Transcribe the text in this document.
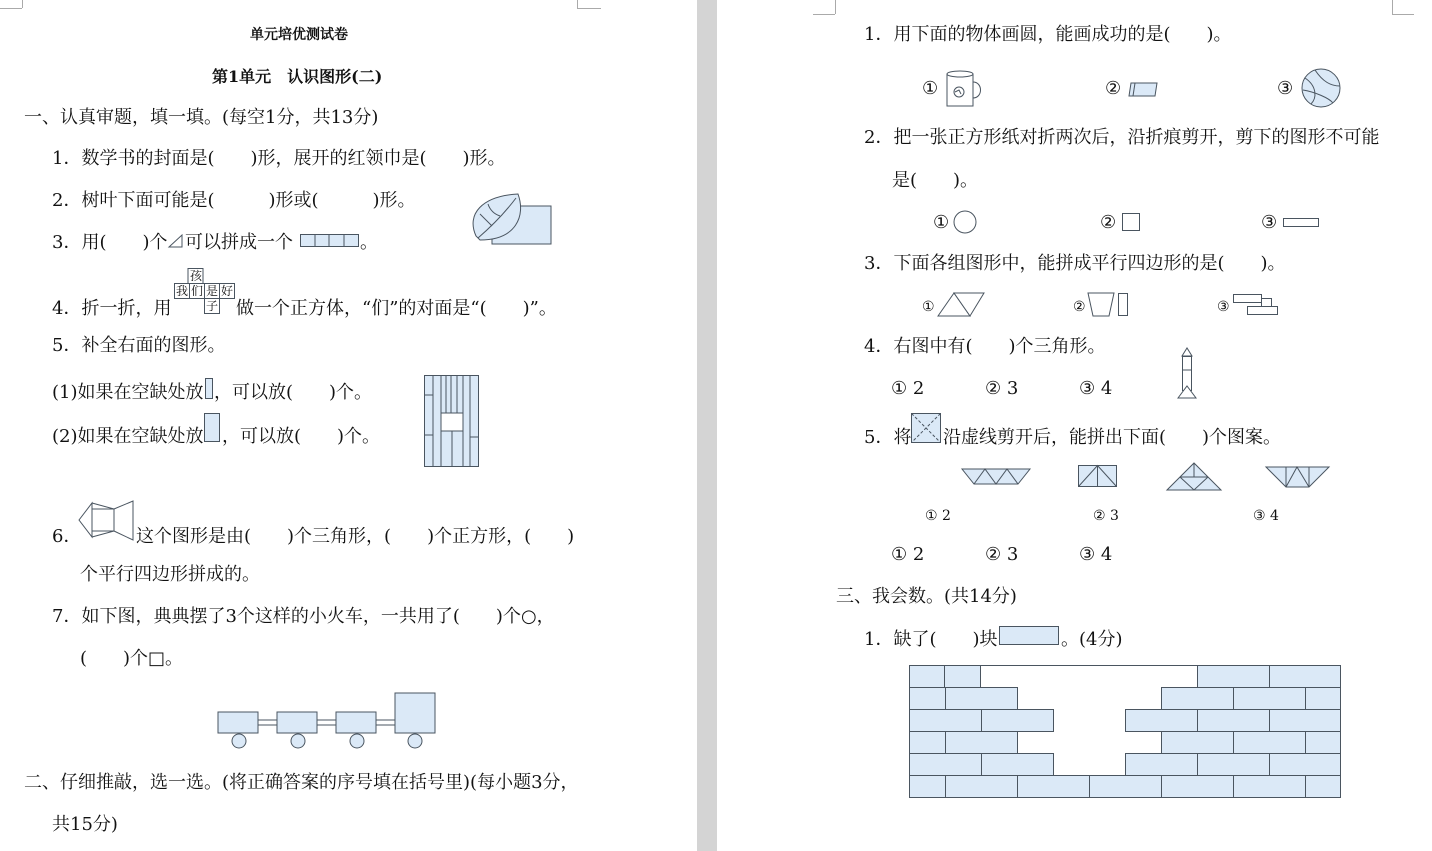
单元培优测试卷
第1单元　认识图形(二)
一、认真审题，填一填。(每空1分，共13分)
1．数学书的封面是(　　)形，展开的红领巾是(　　)形。
2．树叶下面可能是(　　　)形或(　　　)形。
3．用(　　)个 可以拼成一个	。
4．折一折，用
孩
我 们 是 好
子 做一个正方体，“们”的对面是“(　　)”。
5．补全右面的图形。
(1)如果在空缺处放 ，可以放(　　)个。
(2)如果在空缺处放 ，可以放(　　)个。
6．	这个图形是由(　　)个三角形，(　　)个正方形，(　　)
个平行四边形拼成的。
7．如下图，典典摆了3个这样的小火车，一共用了(　　)个○，
(　　)个□。
二、仔细推敲，选一选。(将正确答案的序号填在括号里)(每小题3分，
共15分)
1．用下面的物体画圆，能画成功的是(　　)。
①	②	③
2．把一张正方形纸对折两次后，沿折痕剪开，剪下的图形不可能
是(　　)。
①	②	③
3．下面各组图形中，能拼成平行四边形的是(　　)。
①	②	③
4．右图中有(　　)个三角形。
① 2	② 3	③ 4
5．将 沿虚线剪开后，能拼出下面(　　)个图案。
① 2	② 3	③ 4
① 2	② 3	③ 4
三、我会数。(共14分)
1．缺了(　　)块	。(4分)
